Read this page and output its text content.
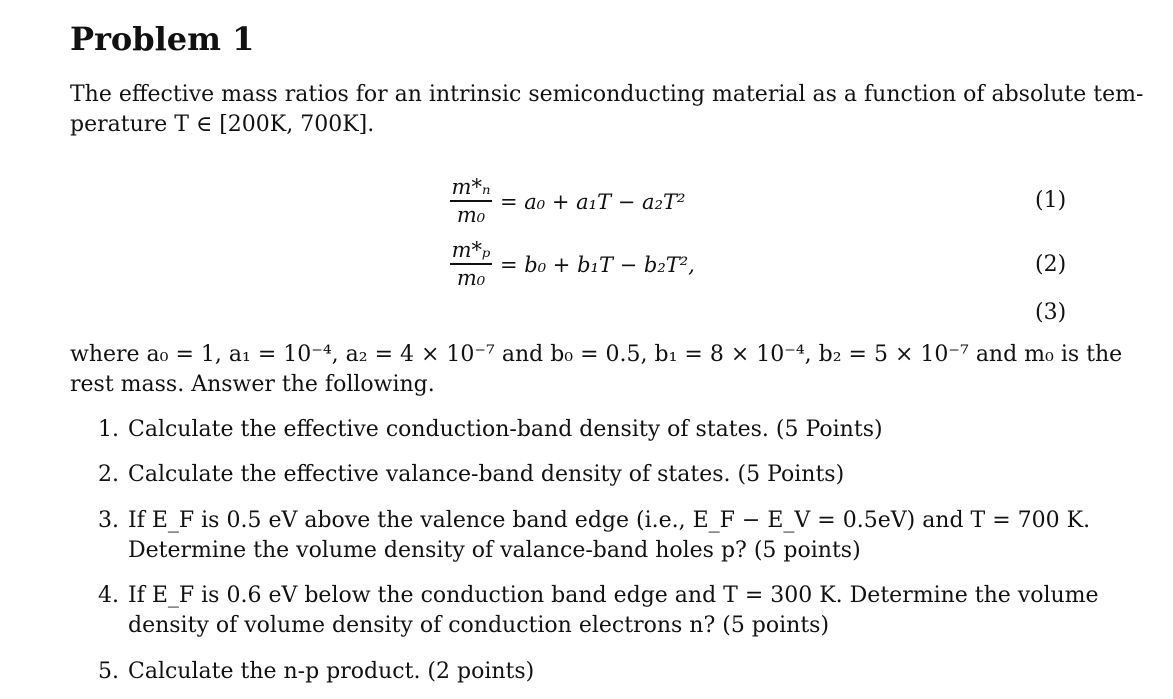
Problem 1
The effective mass ratios for an intrinsic semiconducting material as a function of absolute tem-
perature T ∈ [200K, 700K].
m*ₙ
m₀
= a₀ + a₁T − a₂T²	(1)
m*ₚ
m₀
= b₀ + b₁T − b₂T²,	(2)
(3)
where a₀ = 1, a₁ = 10⁻⁴, a₂ = 4 × 10⁻⁷ and b₀ = 0.5, b₁ = 8 × 10⁻⁴, b₂ = 5 × 10⁻⁷ and m₀ is the
rest mass. Answer the following.
1. Calculate the effective conduction-band density of states. (5 Points)
2. Calculate the effective valance-band density of states. (5 Points)
3. If E_F is 0.5 eV above the valence band edge (i.e., E_F − E_V = 0.5eV) and T = 700 K.
Determine the volume density of valance-band holes p? (5 points)
4. If E_F is 0.6 eV below the conduction band edge and T = 300 K. Determine the volume
density of volume density of conduction electrons n? (5 points)
5. Calculate the n-p product. (2 points)
